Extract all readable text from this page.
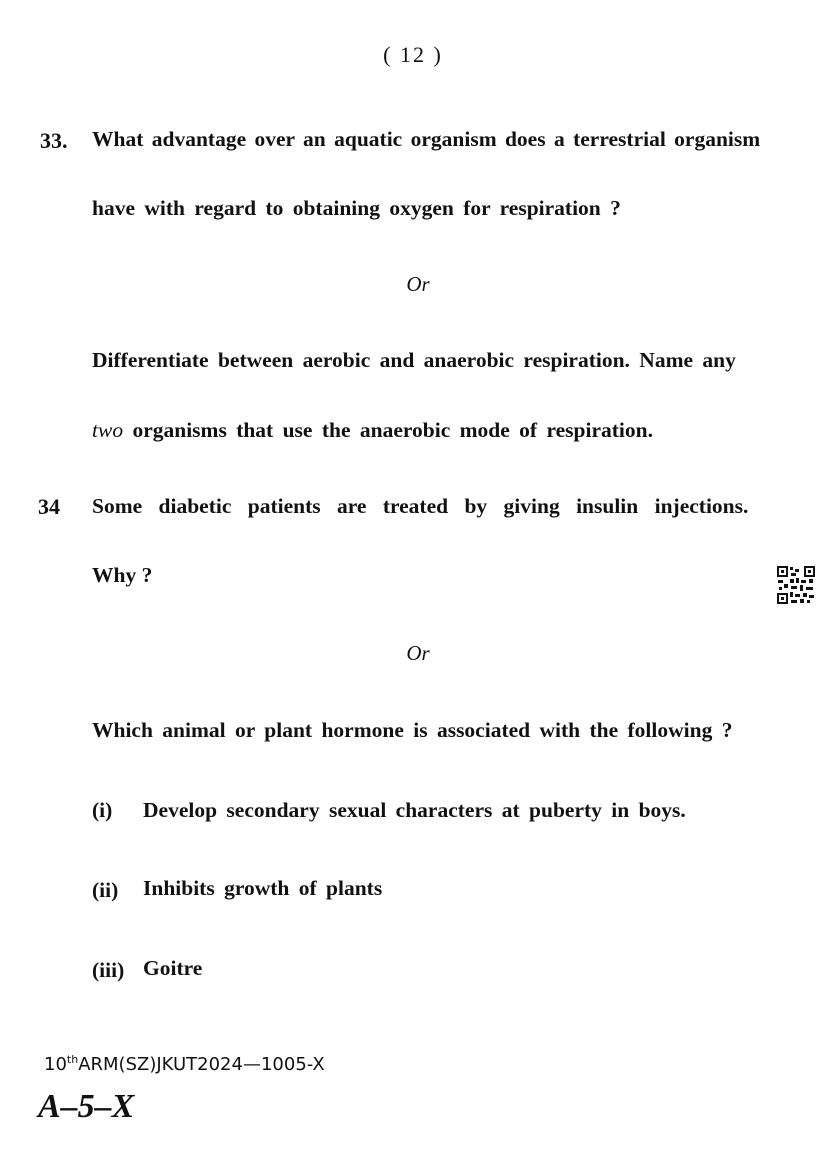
( 12 )
33. What advantage over an aquatic organism does a terrestrial organism
have with regard to obtaining oxygen for respiration ?
Or
Differentiate between aerobic and anaerobic respiration. Name any
two organisms that use the anaerobic mode of respiration.
34 Some diabetic patients are treated by giving insulin injections.
Why ?
Or
Which animal or plant hormone is associated with the following ?
(i) Develop secondary sexual characters at puberty in boys.
(ii) Inhibits growth of plants
(iii) Goitre
10thARM(SZ)JKUT2024—1005-X
A–5–X
